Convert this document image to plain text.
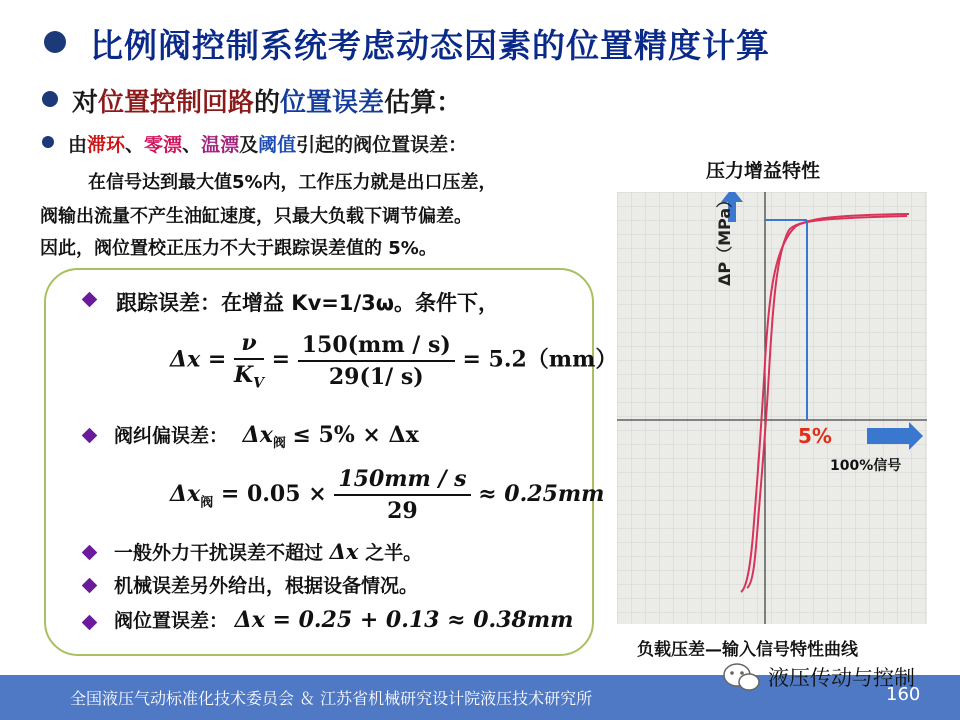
比例阀控制系统考虑动态因素的位置精度计算
对位置控制回路的位置误差估算：
由滞环、零漂、温漂及阈值引起的阀位置误差：
在信号达到最大值5%内，工作压力就是出口压差，
阀输出流量不产生油缸速度，只最大负载下调节偏差。
因此，阀位置校正压力不大于跟踪误差值的 5%。
跟踪误差：在增益 Kv=1/3ω。条件下，
$\Delta x = \frac{\nu}{K_V} = \frac{150(mm / s)}{29(1/ s)} = 5.2(mm)$
阀纠偏误差： $\Delta x_阀 \le 5\% \times \Delta x$
$\Delta x_阀 = 0.05 \times \frac{150mm / s}{29} \approx 0.25mm$
一般外力干扰误差不超过 Δx 之半。
机械误差另外给出，根据设备情况。
阀位置误差： Δx = 0.25 + 0.13 ≈ 0.38mm
压力增益特性
ΔP（MPa）
5%
100%信号
负载压差—输入信号特性曲线
全国液压气动标准化技术委员会 ＆ 江苏省机械研究设计院液压技术研究所
液压传动与控制
160
